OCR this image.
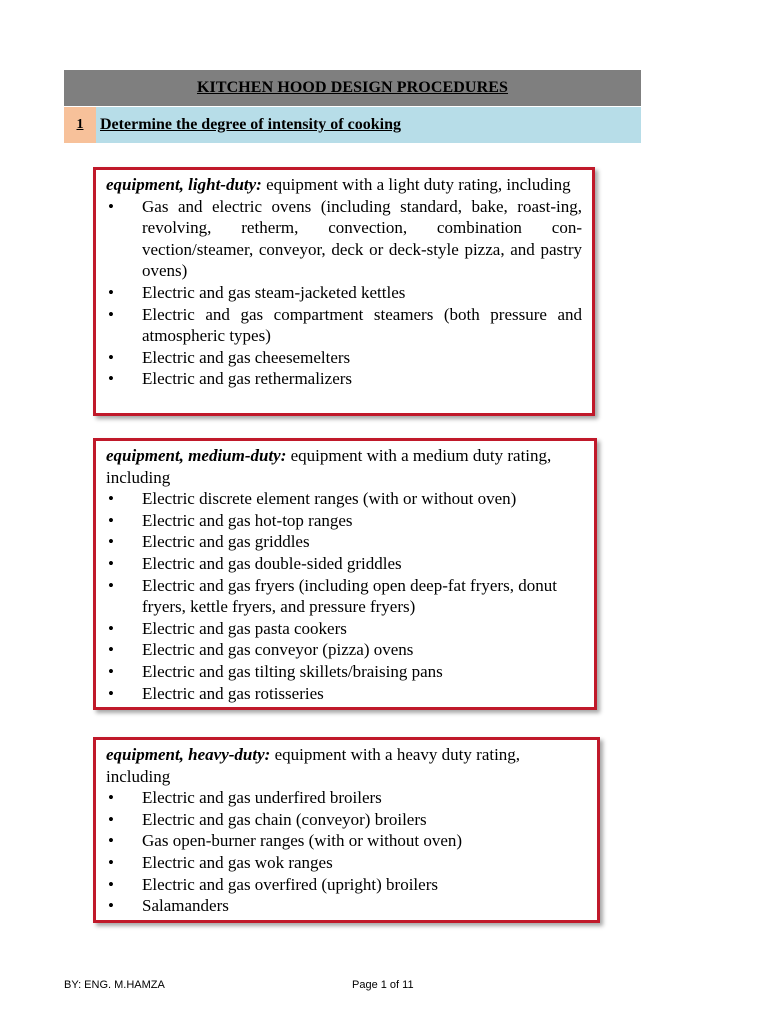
KITCHEN HOOD DESIGN PROCEDURES
1	Determine the degree of intensity of cooking

equipment, light-duty: equipment with a light duty rating, including

• Gas and electric ovens (including standard, bake, roast-ing, revolving, retherm, convection, combination con-vection/steamer, conveyor, deck or deck-style pizza, and pastry ovens)
• Electric and gas steam-jacketed kettles
• Electric and gas compartment steamers (both pressure and atmospheric types)
• Electric and gas cheesemelters
• Electric and gas rethermalizers

equipment, medium-duty: equipment with a medium duty rating, including

• Electric discrete element ranges (with or without oven)
• Electric and gas hot-top ranges
• Electric and gas griddles
• Electric and gas double-sided griddles
• Electric and gas fryers (including open deep-fat fryers, donut fryers, kettle fryers, and pressure fryers)
• Electric and gas pasta cookers
• Electric and gas conveyor (pizza) ovens
• Electric and gas tilting skillets/braising pans
• Electric and gas rotisseries

equipment, heavy-duty: equipment with a heavy duty rating, including

• Electric and gas underfired broilers
• Electric and gas chain (conveyor) broilers
• Gas open-burner ranges (with or without oven)
• Electric and gas wok ranges
• Electric and gas overfired (upright) broilers
• Salamanders
BY: ENG. M.HAMZA	Page 1 of 11
